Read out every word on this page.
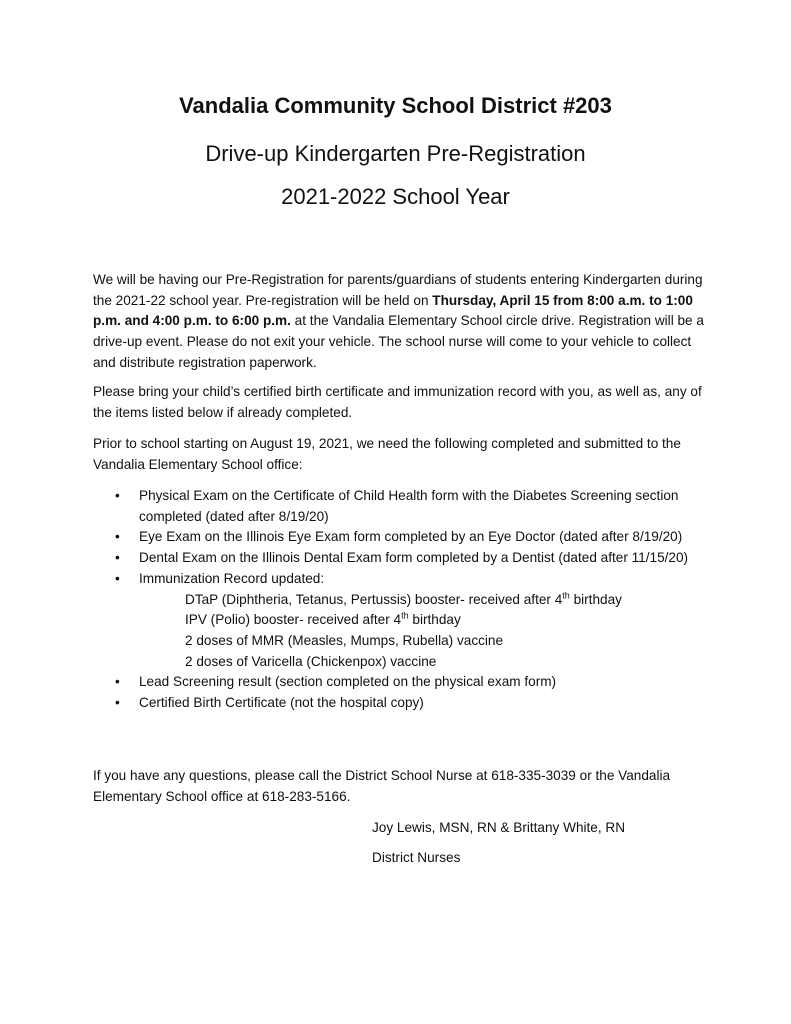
Vandalia Community School District #203
Drive-up Kindergarten Pre-Registration
2021-2022 School Year

We will be having our Pre-Registration for parents/guardians of students entering Kindergarten during the 2021-22 school year. Pre-registration will be held on Thursday, April 15 from 8:00 a.m. to 1:00 p.m. and 4:00 p.m. to 6:00 p.m. at the Vandalia Elementary School circle drive. Registration will be a drive-up event. Please do not exit your vehicle. The school nurse will come to your vehicle to collect and distribute registration paperwork.

Please bring your child’s certified birth certificate and immunization record with you, as well as, any of the items listed below if already completed.

Prior to school starting on August 19, 2021, we need the following completed and submitted to the Vandalia Elementary School office:

• Physical Exam on the Certificate of Child Health form with the Diabetes Screening section completed (dated after 8/19/20)
• Eye Exam on the Illinois Eye Exam form completed by an Eye Doctor (dated after 8/19/20)
• Dental Exam on the Illinois Dental Exam form completed by a Dentist (dated after 11/15/20)
• Immunization Record updated:
DTaP (Diphtheria, Tetanus, Pertussis) booster- received after 4th birthday
IPV (Polio) booster- received after 4th birthday
2 doses of MMR (Measles, Mumps, Rubella) vaccine
2 doses of Varicella (Chickenpox) vaccine
• Lead Screening result (section completed on the physical exam form)
• Certified Birth Certificate (not the hospital copy)

If you have any questions, please call the District School Nurse at 618-335-3039 or the Vandalia Elementary School office at 618-283-5166.

Joy Lewis, MSN, RN & Brittany White, RN
District Nurses
